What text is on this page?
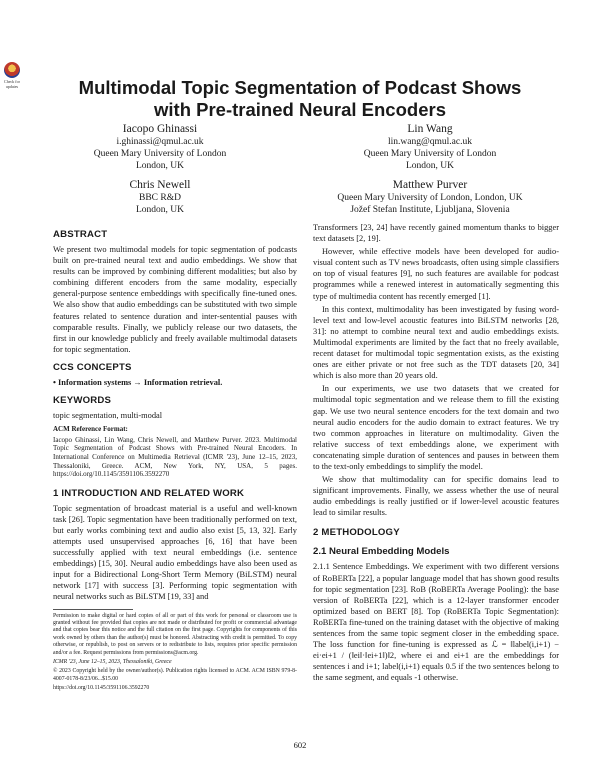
Check for updates	Multimodal Topic Segmentation of Podcast Shows with Pre-trained Neural Encoders
Iacopo Ghinassi
i.ghinassi@qmul.ac.uk
Queen Mary University of London
London, UK
Lin Wang
lin.wang@qmul.ac.uk
Queen Mary University of London
London, UK
Chris Newell
BBC R&D
London, UK
Matthew Purver
Queen Mary University of London, London, UK
Jožef Stefan Institute, Ljubljana, Slovenia
ABSTRACT

We present two multimodal models for topic segmentation of podcasts built on pre-trained neural text and audio embeddings. We show that results can be improved by combining different modalities; but also by combining different encoders from the same modality, especially general-purpose sentence embeddings with specifically fine-tuned ones. We also show that audio embeddings can be substituted with two simple features related to sentence duration and inter-sentential pauses with comparable results. Finally, we publicly release our two datasets, the first in our knowledge publicly and freely available multimodal datasets for topic segmentation.

CCS CONCEPTS

• Information systems → Information retrieval.

KEYWORDS

topic segmentation, multi-modal

ACM Reference Format:

Iacopo Ghinassi, Lin Wang, Chris Newell, and Matthew Purver. 2023. Multimodal Topic Segmentation of Podcast Shows with Pre-trained Neural Encoders. In International Conference on Multimedia Retrieval (ICMR '23), June 12–15, 2023, Thessaloniki, Greece. ACM, New York, NY, USA, 5 pages. https://doi.org/10.1145/3591106.3592270

1 INTRODUCTION AND RELATED WORK

Topic segmentation of broadcast material is a useful and well-known task [26]. Topic segmentation have been traditionally performed on text, but early works combining text and audio also exist [5, 13, 32]. Early attempts used unsupervised approaches [6, 16] that have been successfully applied with text neural embeddings (i.e. sentence embeddings) [15, 30]. Neural audio embeddings have also been used as input for a Bidirectional Long-Short Term Memory (BiLSTM) neural network [17] with success [3]. Performing topic segmentation with neural networks such as BiLSTM [19, 33] and

Permission to make digital or hard copies of all or part of this work for personal or classroom use is granted without fee provided that copies are not made or distributed for profit or commercial advantage and that copies bear this notice and the full citation on the first page. Copyrights for components of this work owned by others than the author(s) must be honored. Abstracting with credit is permitted. To copy otherwise, or republish, to post on servers or to redistribute to lists, requires prior specific permission and/or a fee. Request permissions from permissions@acm.org.

ICMR '23, June 12–15, 2023, Thessaloniki, Greece

© 2023 Copyright held by the owner/author(s). Publication rights licensed to ACM. ACM ISBN 979-8-4007-0178-8/23/06...$15.00

https://doi.org/10.1145/3591106.3592270

Transformers [23, 24] have recently gained momentum thanks to bigger text datasets [2, 19].

However, while effective models have been developed for audio-visual content such as TV news broadcasts, often using simple classifiers on top of visual features [9], no such features are available for podcast programmes while a renewed interest in automatically segmenting this type of multimedia content has recently emerged [1].

In this context, multimodality has been investigated by fusing word-level text and low-level acoustic features into BiLSTM networks [28, 31]: no attempt to combine neural text and audio embeddings exists. Multimodal experiments are limited by the fact that no freely available, recent dataset for multimodal topic segmentation exists, as the existing ones are either private or not free such as the TDT datasets [20, 34] which is also more than 20 years old.

In our experiments, we use two datasets that we created for multimodal topic segmentation and we release them to fill the existing gap. We use two neural sentence encoders for the text domain and two neural audio encoders for the audio domain to extract features. We try two common approaches in literature on multimodality. Given the relative success of text embeddings alone, we experiment with concatenating simple duration of sentences and pauses in between them to the text-only embeddings to simplify the model.

We show that multimodality can for specific domains lead to significant improvements. Finally, we assess whether the use of neural audio embeddings is really justified or if lower-level acoustic features lead to similar results.

2 METHODOLOGY
2.1 Neural Embedding Models

2.1.1 Sentence Embeddings. We experiment with two different versions of RoBERTa [22], a popular language model that has shown good results for topic segmentation [23]. RoB (RoBERTa Average Pooling): the base version of RoBERTa [22], which is a 12-layer transformer encoder optimized based on BERT [8]. Top (RoBERTa Topic Segmentation): RoBERTa fine-tuned on the training dataset with the objective of making sentences from the same topic segment closer in the embedding space. The loss function for fine-tuning is expressed as ℒ = ‖label(i,i+1) − ei·ei+1 / (‖ei‖·‖ei+1‖)‖2, where ei and ei+1 are the embeddings for sentences i and i+1; label(i,i+1) equals 0.5 if the two sentences belong to the same segment, and equals -1 otherwise.

602
